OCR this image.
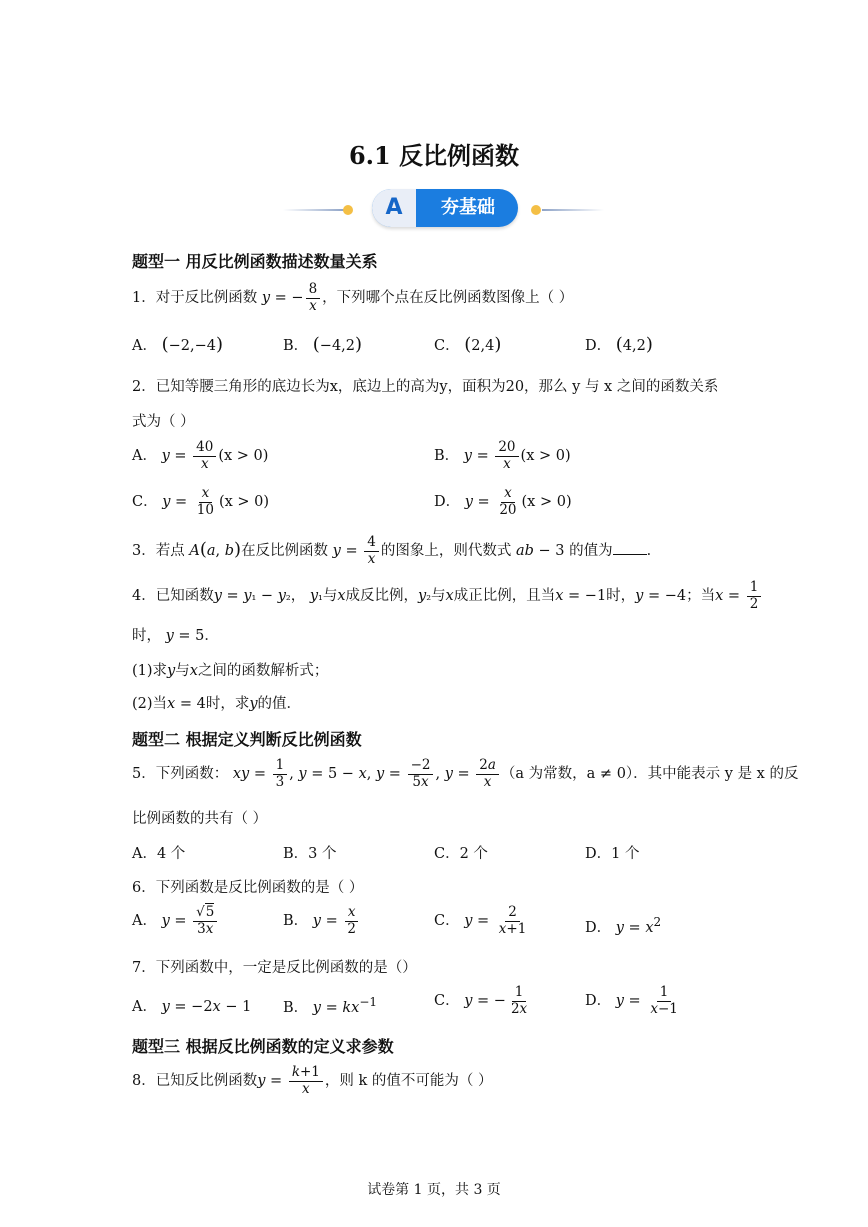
6.1 反比例函数
A	夯基础
题型一 用反比例函数描述数量关系
1．对于反比例函数 y = − $\frac{8}{x}$ ，下列哪个点在反比例函数图像上（ ）
A． (−2,−4)	B． (−4,2)	C． (2,4)	D． (4,2)
2．已知等腰三角形的底边长为x，底边上的高为y，面积为20，那么 y 与 x 之间的函数关系
式为（ ）
A． $y = \frac{40}{x} (x > 0)$	B． $y = \frac{20}{x} (x > 0)$
C． $y = \frac{x}{10} (x > 0)$	D． $y = \frac{x}{20} (x > 0)$
3．若点 A(a, b)在反比例函数 $y = \frac{4}{x}$ 的图象上，则代数式 ab − 3 的值为 ．
4．已知函数y = y₁ − y₂， y₁与x成反比例，y₂与x成正比例，且当x = −1时，y = −4；当$x = \frac{1}{2}$
时， y = 5．
(1)求y与x之间的函数解析式；
(2)当x = 4时，求y的值．
题型二 根据定义判断反比例函数
5．下列函数： xy = $\frac{1}{3}$ , y = 5 − x, $y = \frac{-2}{5x}$ , $y = \frac{2a}{x} (a$ 为常数，a ≠ 0）．其中能表示 y 是 x 的反
比例函数的共有（ ）
A．4 个	B．3 个	C．2 个	D．1 个
6．下列函数是反比例函数的是（ ）
A． $y = \frac{√5}{3x}$	B． $y = \frac{x}{2}$	C． $y = \frac{2}{x+1}$	D． $y = x^2$
7．下列函数中，一定是反比例函数的是（）
A． y = −2x − 1 B． $y = kx^{-1}$	C． y = − $\frac{1}{2x}$	D． $y = \frac{1}{x-1}$
题型三 根据反比例函数的定义求参数
8．已知反比例函数$y = \frac{k+1}{x}$ ，则 k 的值不可能为（ ）
试卷第 1 页，共 3 页
